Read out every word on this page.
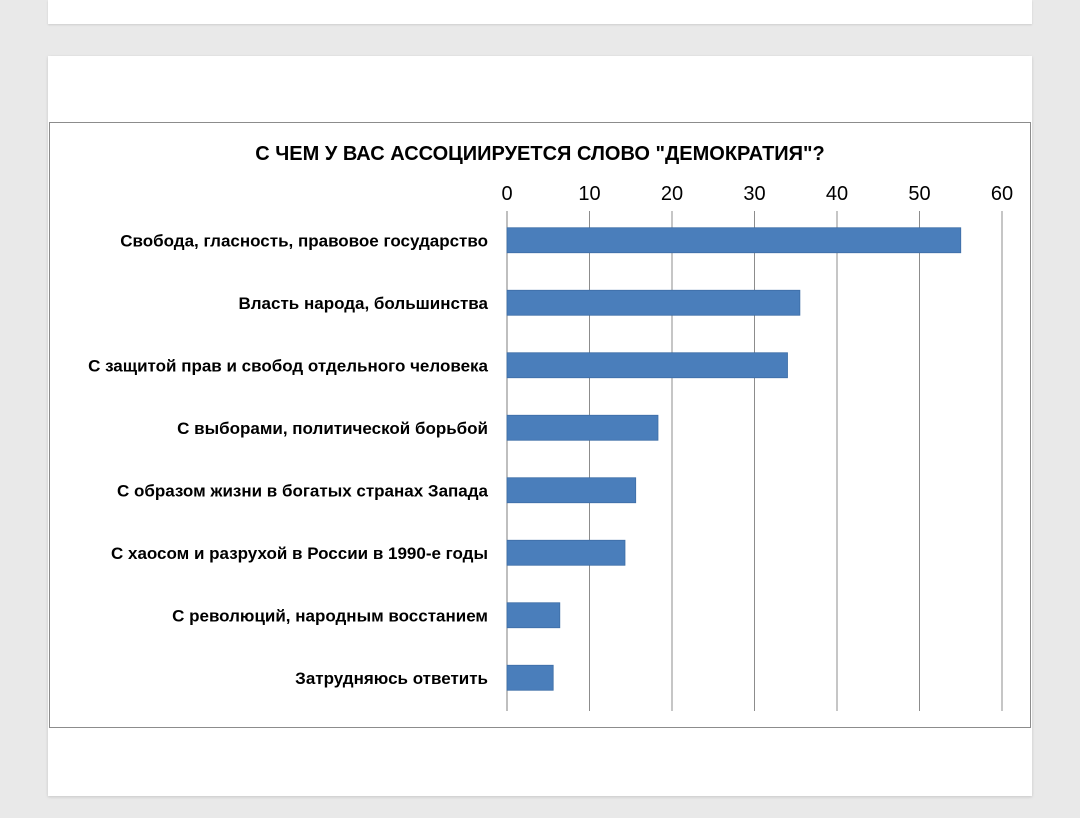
С ЧЕМ У ВАС АССОЦИИРУЕТСЯ СЛОВО "ДЕМОКРАТИЯ"?
0	10	20	30	40	50	60
Свобода, гласность, правовое государство
Власть народа, большинства
С защитой прав и свобод отдельного человека
С выборами, политической борьбой
С образом жизни в богатых странах Запада
С хаосом и разрухой в России в 1990-е годы
С революций, народным восстанием
Затрудняюсь ответить
